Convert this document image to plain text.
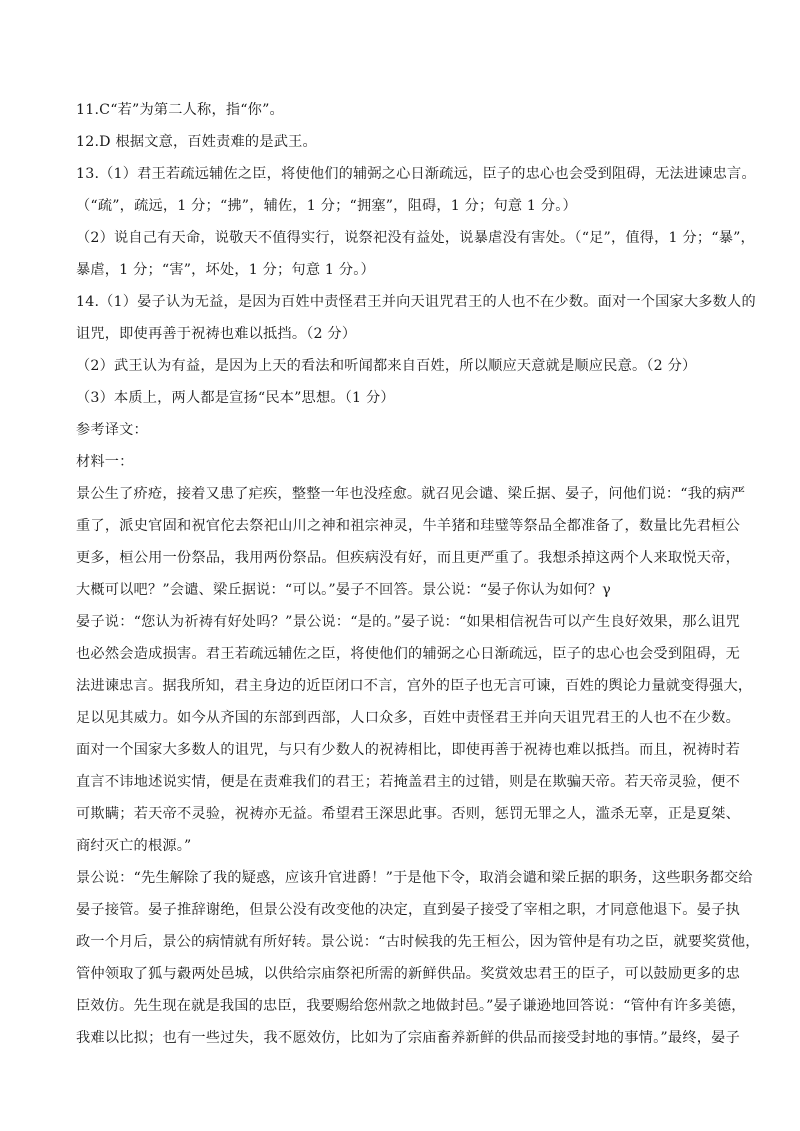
11.C“若”为第二人称，指“你”。
12.D 根据文意，百姓责难的是武王。
13.（1）君王若疏远辅佐之臣，将使他们的辅弼之心日渐疏远，臣子的忠心也会受到阻碍，无法进谏忠言。
（“疏”，疏远，1 分；“拂”，辅佐，1 分；“拥塞”，阻碍，1 分；句意 1 分。）
（2）说自己有天命，说敬天不值得实行，说祭祀没有益处，说暴虐没有害处。（“足”，值得，1 分；“暴”，
暴虐，1 分；“害”，坏处，1 分；句意 1 分。）
14.（1）晏子认为无益，是因为百姓中责怪君王并向天诅咒君王的人也不在少数。面对一个国家大多数人的
诅咒，即使再善于祝祷也难以抵挡。（2 分）
（2）武王认为有益，是因为上天的看法和听闻都来自百姓，所以顺应天意就是顺应民意。（2 分）
（3）本质上，两人都是宣扬“民本”思想。（1 分）
参考译文：
材料一：
景公生了疥疮，接着又患了疟疾，整整一年也没痊愈。就召见会谴、梁丘据、晏子，问他们说：“我的病严
重了，派史官固和祝官佗去祭祀山川之神和祖宗神灵，牛羊猪和珪璧等祭品全都准备了，数量比先君桓公
更多，桓公用一份祭品，我用两份祭品。但疾病没有好，而且更严重了。我想杀掉这两个人来取悦天帝，
大概可以吧？”会谴、梁丘据说：“可以。”晏子不回答。景公说：“晏子你认为如何？γ
晏子说：“您认为祈祷有好处吗？”景公说：“是的。”晏子说：“如果相信祝告可以产生良好效果，那么诅咒
也必然会造成损害。君王若疏远辅佐之臣，将使他们的辅弼之心日渐疏远，臣子的忠心也会受到阻碍，无
法进谏忠言。据我所知，君主身边的近臣闭口不言，宫外的臣子也无言可谏，百姓的舆论力量就变得强大，
足以见其威力。如今从齐国的东部到西部，人口众多，百姓中责怪君王并向天诅咒君王的人也不在少数。
面对一个国家大多数人的诅咒，与只有少数人的祝祷相比，即使再善于祝祷也难以抵挡。而且，祝祷时若
直言不讳地述说实情，便是在责难我们的君王；若掩盖君主的过错，则是在欺骗天帝。若天帝灵验，便不
可欺瞒；若天帝不灵验，祝祷亦无益。希望君王深思此事。否则，惩罚无罪之人，滥杀无辜，正是夏桀、
商纣灭亡的根源。”
景公说：“先生解除了我的疑惑，应该升官进爵！”于是他下令，取消会谴和梁丘据的职务，这些职务都交给
晏子接管。晏子推辞谢绝，但景公没有改变他的决定，直到晏子接受了宰相之职，才同意他退下。晏子执
政一个月后，景公的病情就有所好转。景公说：“古时候我的先王桓公，因为管仲是有功之臣，就要奖赏他，
管仲领取了狐与縠两处邑城，以供给宗庙祭祀所需的新鲜供品。奖赏效忠君王的臣子，可以鼓励更多的忠
臣效仿。先生现在就是我国的忠臣，我要赐给您州款之地做封邑。”晏子谦逊地回答说：“管仲有许多美德，
我难以比拟；也有一些过失，我不愿效仿，比如为了宗庙畜养新鲜的供品而接受封地的事情。”最终，晏子
